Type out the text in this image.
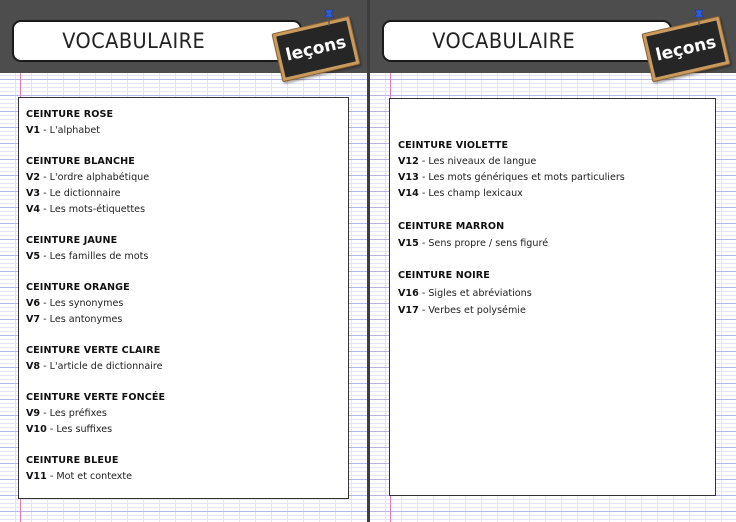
VOCABULAIRE	leçons
CEINTURE ROSE
V1 - L'alphabet
CEINTURE BLANCHE
V2 - L'ordre alphabétique
V3 - Le dictionnaire
V4 - Les mots-étiquettes
CEINTURE JAUNE
V5 - Les familles de mots
CEINTURE ORANGE
V6 - Les synonymes
V7 - Les antonymes
CEINTURE VERTE CLAIRE
V8 - L'article de dictionnaire
CEINTURE VERTE FONCÉE
V9 - Les préfixes
V10 - Les suffixes
CEINTURE BLEUE
V11 - Mot et contexte
VOCABULAIRE	leçons
CEINTURE VIOLETTE
V12 - Les niveaux de langue
V13 - Les mots génériques et mots particuliers
V14 - Les champ lexicaux
CEINTURE MARRON
V15 - Sens propre / sens figuré
CEINTURE NOIRE
V16 - Sigles et abréviations
V17 - Verbes et polysémie
